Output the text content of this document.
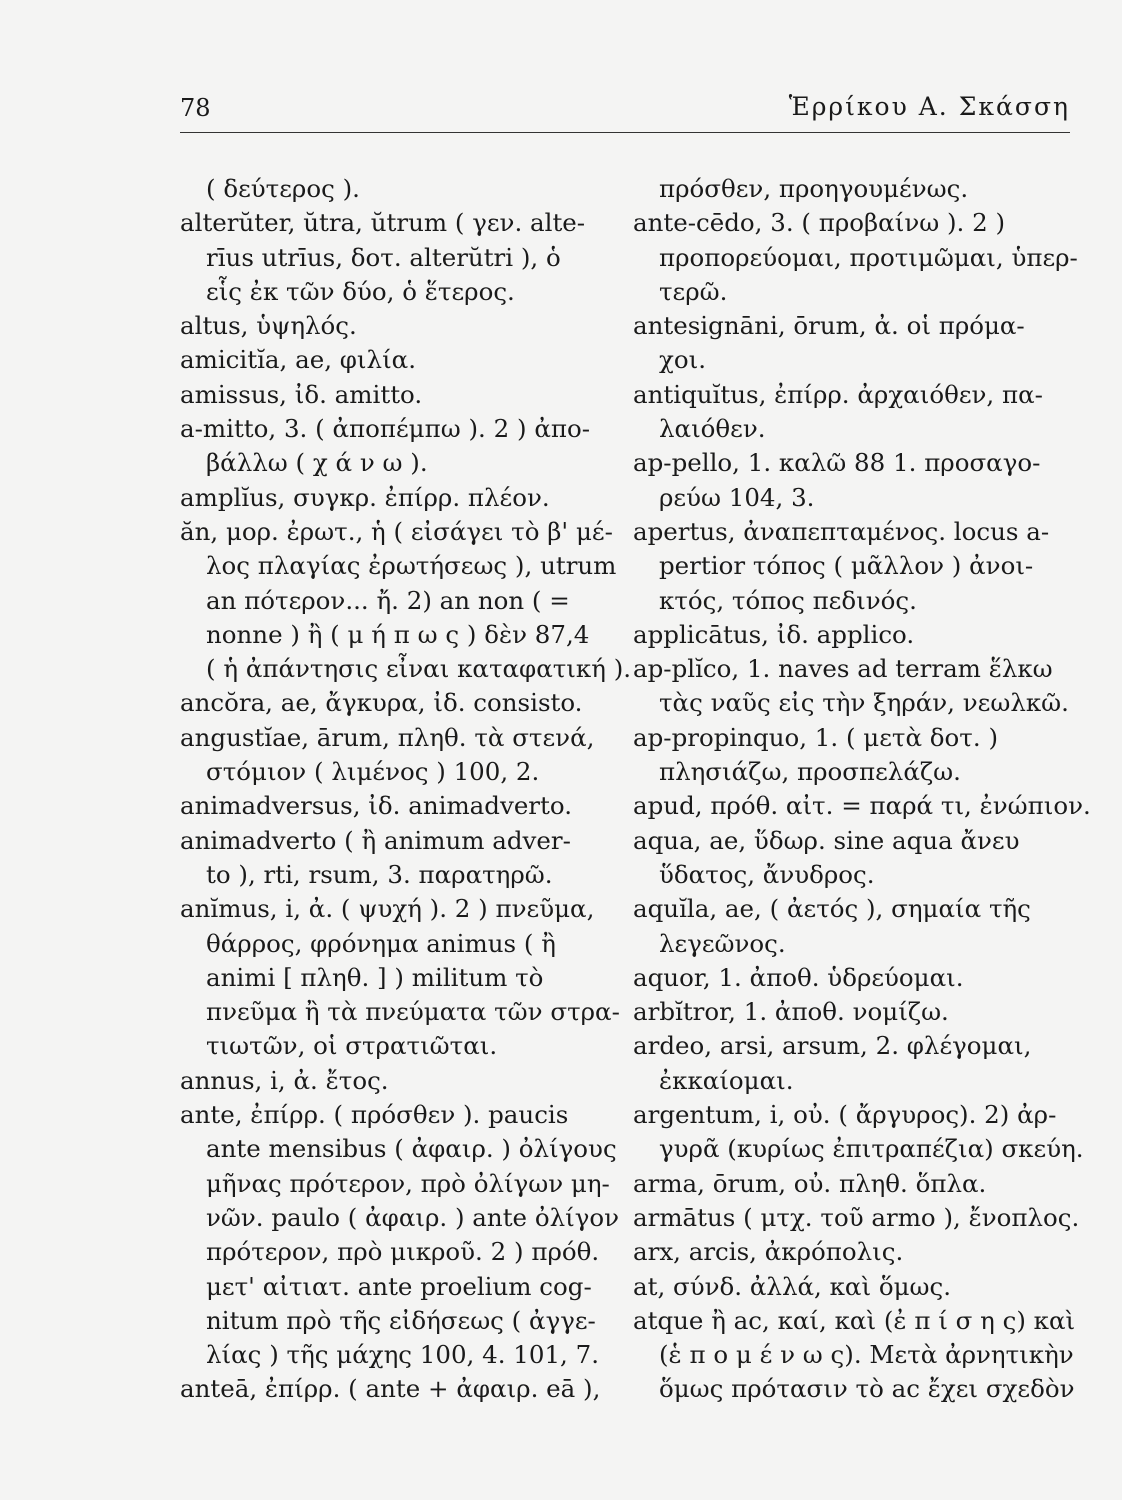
78	Ἑρρίκου Α. Σκάσση
( δεύτερος ).
alterŭter, ŭtra, ŭtrum ( γεν. alte-
rīus utrīus, δοτ. alterŭtri ), ὁ
εἷς ἐκ τῶν δύο, ὁ ἕτερος.
altus, ὑψηλός.
amicitĭa, ae, φιλία.
amissus, ἰδ. amitto.
a-mitto, 3. ( ἀποπέμπω ). 2 ) ἀπο-
βάλλω ( χ ά ν ω ).
amplĭus, συγκρ. ἐπίρρ. πλέον.
ăn, μορ. ἐρωτ., ἡ ( εἰσάγει τὸ β' μέ-
λος πλαγίας ἐρωτήσεως ), utrum
an πότερον... ἤ. 2) an non ( =
nonne ) ἢ ( μ ή π ω ς ) δὲν 87,4
( ἡ ἀπάντησις εἶναι καταφατική ).
ancŏra, ae, ἄγκυρα, ἰδ. consisto.
angustĭae, ārum, πληθ. τὰ στενά,
στόμιον ( λιμένος ) 100, 2.
animadversus, ἰδ. animadverto.
animadverto ( ἢ animum adver-
to ), rti, rsum, 3. παρατηρῶ.
anĭmus, i, ἀ. ( ψυχή ). 2 ) πνεῦμα,
θάρρος, φρόνημα animus ( ἢ
animi [ πληθ. ] ) militum τὸ
πνεῦμα ἢ τὰ πνεύματα τῶν στρα-
τιωτῶν, οἱ στρατιῶται.
annus, i, ἀ. ἔτος.
ante, ἐπίρρ. ( πρόσθεν ). paucis
ante mensibus ( ἀφαιρ. ) ὀλίγους
μῆνας πρότερον, πρὸ ὀλίγων μη-
νῶν. paulo ( ἀφαιρ. ) ante ὀλίγον
πρότερον, πρὸ μικροῦ. 2 ) πρόθ.
μετ' αἰτιατ. ante proelium cog-
nitum πρὸ τῆς εἰδήσεως ( ἀγγε-
λίας ) τῆς μάχης 100, 4. 101, 7.
anteā, ἐπίρρ. ( ante + ἀφαιρ. eā ),
πρόσθεν, προηγουμένως.
ante-cēdo, 3. ( προβαίνω ). 2 )
προπορεύομαι, προτιμῶμαι, ὑπερ-
τερῶ.
antesignāni, ōrum, ἀ. οἱ πρόμα-
χοι.
antiquĭtus, ἐπίρρ. ἀρχαιόθεν, πα-
λαιόθεν.
ap-pello, 1. καλῶ 88 1. προσαγο-
ρεύω 104, 3.
apertus, ἀναπεπταμένος. locus a-
pertior τόπος ( μᾶλλον ) ἀνοι-
κτός, τόπος πεδινός.
applicātus, ἰδ. applico.
ap-plĭco, 1. naves ad terram ἕλκω
τὰς ναῦς εἰς τὴν ξηράν, νεωλκῶ.
ap-propinquo, 1. ( μετὰ δοτ. )
πλησιάζω, προσπελάζω.
apud, πρόθ. αἰτ. = παρά τι, ἐνώπιον.
aqua, ae, ὕδωρ. sine aqua ἄνευ
ὕδατος, ἄνυδρος.
aquĭla, ae, ( ἀετός ), σημαία τῆς
λεγεῶνος.
aquor, 1. ἀποθ. ὑδρεύομαι.
arbĭtror, 1. ἀποθ. νομίζω.
ardeo, arsi, arsum, 2. φλέγομαι,
ἐκκαίομαι.
argentum, i, οὐ. ( ἄργυρος). 2) ἀρ-
γυρᾶ (κυρίως ἐπιτραπέζια) σκεύη.
arma, ōrum, οὐ. πληθ. ὅπλα.
armātus ( μτχ. τοῦ armo ), ἔνοπλος.
arx, arcis, ἀκρόπολις.
at, σύνδ. ἀλλά, καὶ ὅμως.
atque ἢ ac, καί, καὶ (ἐ π ί σ η ς) καὶ
(ἑ π ο μ έ ν ω ς). Μετὰ ἀρνητικὴν
ὅμως πρότασιν τὸ ac ἔχει σχεδὸν
